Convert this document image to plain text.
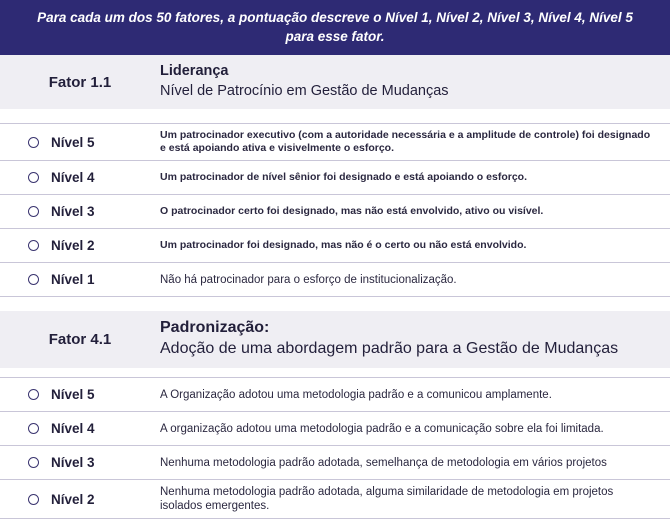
Para cada um dos 50 fatores, a pontuação descreve o Nível 1, Nível 2, Nível 3, Nível 4, Nível 5 para esse fator.
Fator 1.1
Liderança
Nível de Patrocínio em Gestão de Mudanças
Nível 5	Um patrocinador executivo (com a autoridade necessária e a amplitude de controle) foi designado e está apoiando ativa e visivelmente o esforço.
Nível 4	Um patrocinador de nível sênior foi designado e está apoiando o esforço.
Nível 3	O patrocinador certo foi designado, mas não está envolvido, ativo ou visível.
Nível 2	Um patrocinador foi designado, mas não é o certo ou não está envolvido.
Nível 1	Não há patrocinador para o esforço de institucionalização.
Fator 4.1
Padronização:
Adoção de uma abordagem padrão para a Gestão de Mudanças
Nível 5	A Organização adotou uma metodologia padrão e a comunicou amplamente.
Nível 4	A organização adotou uma metodologia padrão e a comunicação sobre ela foi limitada.
Nível 3	Nenhuma metodologia padrão adotada, semelhança de metodologia em vários projetos
Nível 2	Nenhuma metodologia padrão adotada, alguma similaridade de metodologia em projetos isolados emergentes.
